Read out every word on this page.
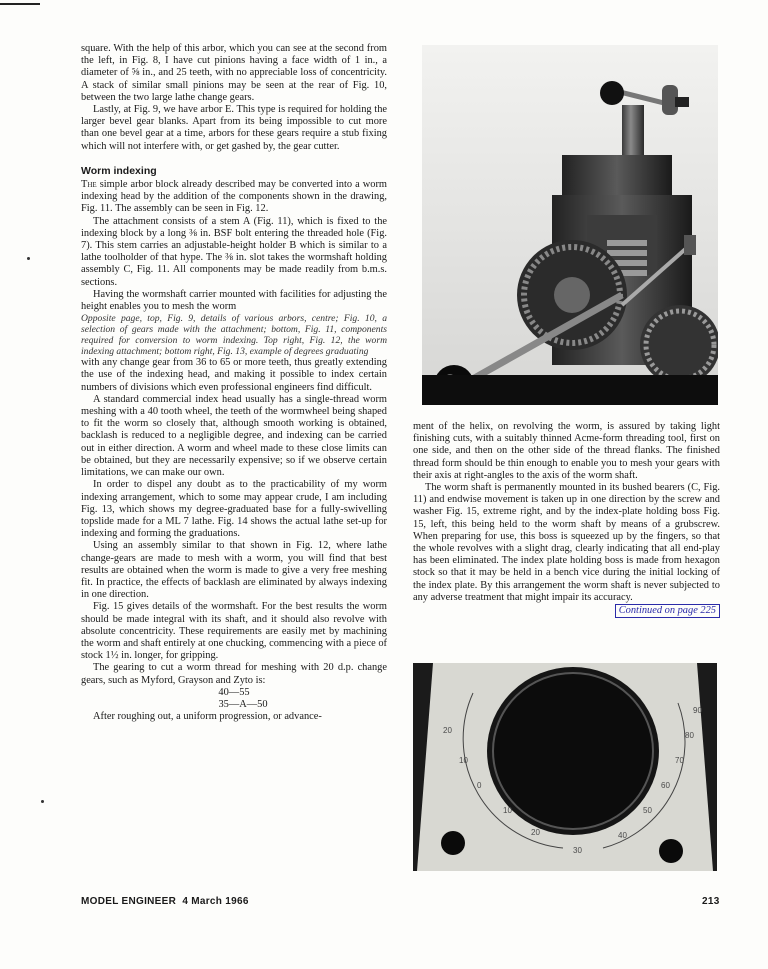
square. With the help of this arbor, which you can see at the second from the left, in Fig. 8, I have cut pinions having a face width of 1 in., a diameter of ⅝ in., and 25 teeth, with no appreciable loss of concentricity. A stack of similar small pinions may be seen at the rear of Fig. 10, between the two large lathe change gears.

Lastly, at Fig. 9, we have arbor E. This type is required for holding the larger bevel gear blanks. Apart from its being impossible to cut more than one bevel gear at a time, arbors for these gears require a stub fixing which will not interfere with, or get gashed by, the gear cutter.

Worm indexing

The simple arbor block already described may be converted into a worm indexing head by the addition of the components shown in the drawing, Fig. 11. The assembly can be seen in Fig. 12.

The attachment consists of a stem A (Fig. 11), which is fixed to the indexing block by a long ⅜ in. BSF bolt entering the threaded hole (Fig. 7). This stem carries an adjustable-height holder B which is similar to a lathe toolholder of that hype. The ⅜ in. slot takes the wormshaft holding assembly C, Fig. 11. All components may be made readily from b.m.s. sections.

Having the wormshaft carrier mounted with facilities for adjusting the height enables you to mesh the worm

Opposite page, top, Fig. 9, details of various arbors, centre; Fig. 10, a selection of gears made with the attachment; bottom, Fig. 11, components required for conversion to worm indexing. Top right, Fig. 12, the worm indexing attachment; bottom right, Fig. 13, example of degrees graduating

with any change gear from 36 to 65 or more teeth, thus greatly extending the use of the indexing head, and making it possible to index certain numbers of divisions which even professional engineers find difficult.

A standard commercial index head usually has a single-thread worm meshing with a 40 tooth wheel, the teeth of the wormwheel being shaped to fit the worm so closely that, although smooth working is obtained, backlash is reduced to a negligible degree, and indexing can be carried out in either direction. A worm and wheel made to these close limits can be obtained, but they are necessarily expensive; so if we observe certain limitations, we can make our own.

In order to dispel any doubt as to the practicability of my worm indexing arrangement, which to some may appear crude, I am including Fig. 13, which shows my degree-graduated base for a fully-swivelling topslide made for a ML 7 lathe. Fig. 14 shows the actual lathe set-up for indexing and forming the graduations.

Using an assembly similar to that shown in Fig. 12, where lathe change-gears are made to mesh with a worm, you will find that best results are obtained when the worm is made to give a very free meshing fit. In practice, the effects of backlash are eliminated by always indexing in one direction.

Fig. 15 gives details of the wormshaft. For the best results the worm should be made integral with its shaft, and it should also revolve with absolute concentricity. These requirements are easily met by machining the worm and shaft entirely at one chucking, commencing with a piece of stock 1½ in. longer, for gripping.

The gearing to cut a worm thread for meshing with 20 d.p. change gears, such as Myford, Grayson and Zyto is:

40—55

35—A—50

After roughing out, a uniform progression, or advance-

ment of the helix, on revolving the worm, is assured by taking light finishing cuts, with a suitably thinned Acme-form threading tool, first on one side, and then on the other side of the thread flanks. The finished thread form should be thin enough to enable you to mesh your gears with their axis at right-angles to the axis of the worm shaft.

The worm shaft is permanently mounted in its bushed bearers (C, Fig. 11) and endwise movement is taken up in one direction by the screw and washer Fig. 15, extreme right, and by the index-plate holding boss Fig. 15, left, this being held to the worm shaft by means of a grubscrew. When preparing for use, this boss is squeezed up by the fingers, so that the whole revolves with a slight drag, clearly indicating that all end-play has been eliminated. The index plate holding boss is made from hexagon stock so that it may be held in a bench vice during the initial locking of the index plate. By this arrangement the worm shaft is never subjected to any adverse treatment that might impair its accuracy.

Continued on page 225

20
10
0
10
20
30
40
50
60
70
80
90
MODEL ENGINEER 4 March 1966	213
